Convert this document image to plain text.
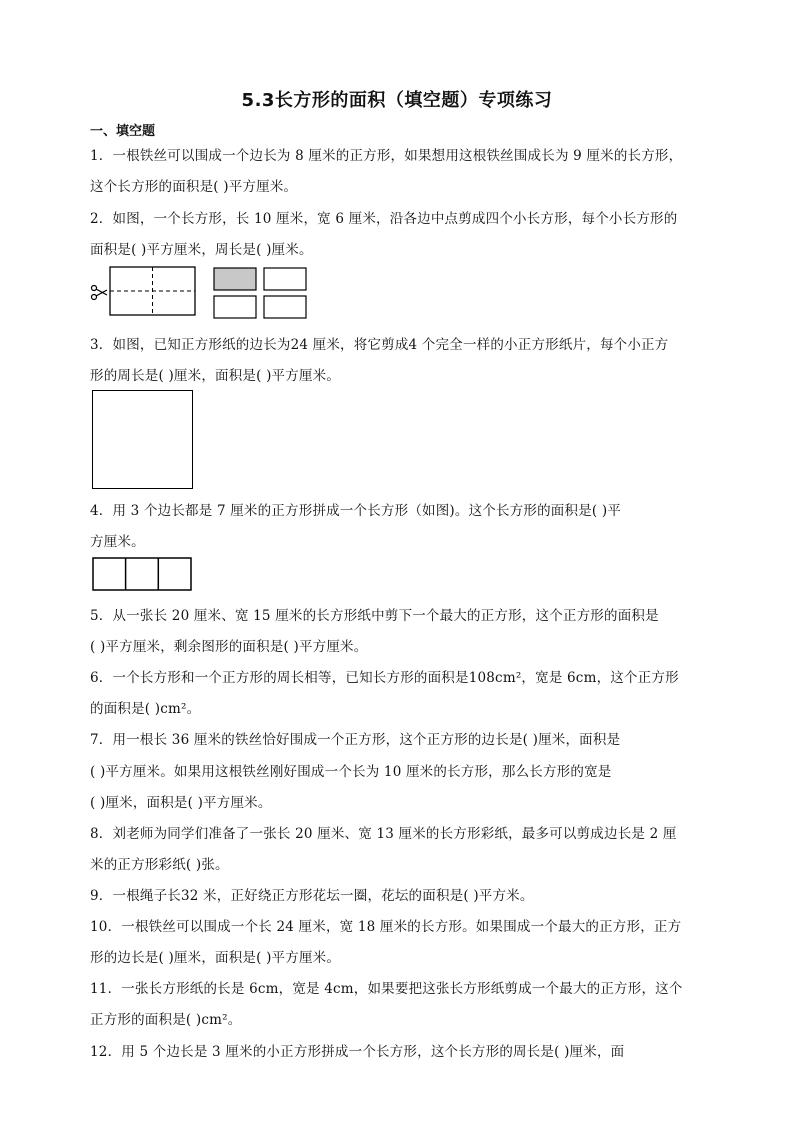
5.3长方形的面积（填空题）专项练习
一、填空题
1．一根铁丝可以围成一个边长为 8 厘米的正方形，如果想用这根铁丝围成长为 9 厘米的长方形，
这个长方形的面积是( )平方厘米。
2．如图，一个长方形，长 10 厘米，宽 6 厘米，沿各边中点剪成四个小长方形，每个小长方形的
面积是( )平方厘米，周长是( )厘米。
3．如图，已知正方形纸的边长为24 厘米，将它剪成4 个完全一样的小正方形纸片，每个小正方
形的周长是( )厘米，面积是( )平方厘米。
4．用 3 个边长都是 7 厘米的正方形拼成一个长方形（如图)。这个长方形的面积是( )平
方厘米。
5．从一张长 20 厘米、宽 15 厘米的长方形纸中剪下一个最大的正方形，这个正方形的面积是
( )平方厘米，剩余图形的面积是( )平方厘米。
6．一个长方形和一个正方形的周长相等，已知长方形的面积是108cm²，宽是 6cm，这个正方形
的面积是( )cm²。
7．用一根长 36 厘米的铁丝恰好围成一个正方形，这个正方形的边长是( )厘米，面积是
( )平方厘米。如果用这根铁丝刚好围成一个长为 10 厘米的长方形，那么长方形的宽是
( )厘米，面积是( )平方厘米。
8．刘老师为同学们准备了一张长 20 厘米、宽 13 厘米的长方形彩纸，最多可以剪成边长是 2 厘
米的正方形彩纸( )张。
9．一根绳子长32 米，正好绕正方形花坛一圈，花坛的面积是( )平方米。
10．一根铁丝可以围成一个长 24 厘米，宽 18 厘米的长方形。如果围成一个最大的正方形，正方
形的边长是( )厘米，面积是( )平方厘米。
11．一张长方形纸的长是 6cm，宽是 4cm，如果要把这张长方形纸剪成一个最大的正方形，这个
正方形的面积是( )cm²。
12．用 5 个边长是 3 厘米的小正方形拼成一个长方形，这个长方形的周长是( )厘米，面
